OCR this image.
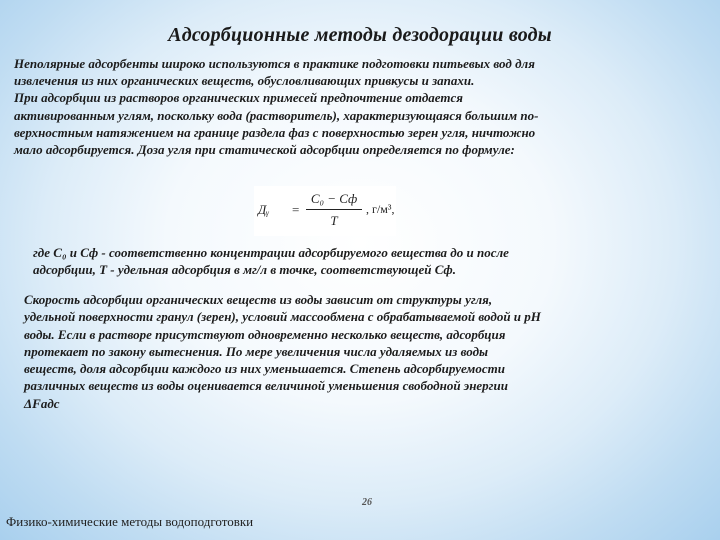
Адсорбционные методы дезодорации воды
Неполярные адсорбенты широко используются в практике подготовки питьевых вод для
извлечения из них органических веществ, обусловливающих привкусы и запахи.
При адсорбции из растворов органических примесей предпочтение отдается
активированным углям, поскольку вода (растворитель), характеризующаяся большим по-
верхностным натяжением на границе раздела фаз с поверхностью зерен угля, ничтожно
мало адсорбируется. Доза угля при статической адсорбции определяется по формуле:
Дᵧ =
C₀ − Cф
T
, г/м³,
где C₀ и Cф - соответственно концентрации адсорбируемого вещества до и после
адсорбции, T - удельная адсорбция в мг/л в точке, соответствующей Cф.
Скорость адсорбции органических веществ из воды зависит от структуры угля,
удельной поверхности гранул (зерен), условий массообмена с обрабатываемой водой и рН
воды. Если в растворе присутствуют одновременно несколько веществ, адсорбция
протекает по закону вытеснения. По мере увеличения числа удаляемых из воды
веществ, доля адсорбции каждого из них уменьшается. Степень адсорбируемости
различных веществ из воды оценивается величиной уменьшения свободной энергии
ΔFадс
26
Физико-химические методы водоподготовки
